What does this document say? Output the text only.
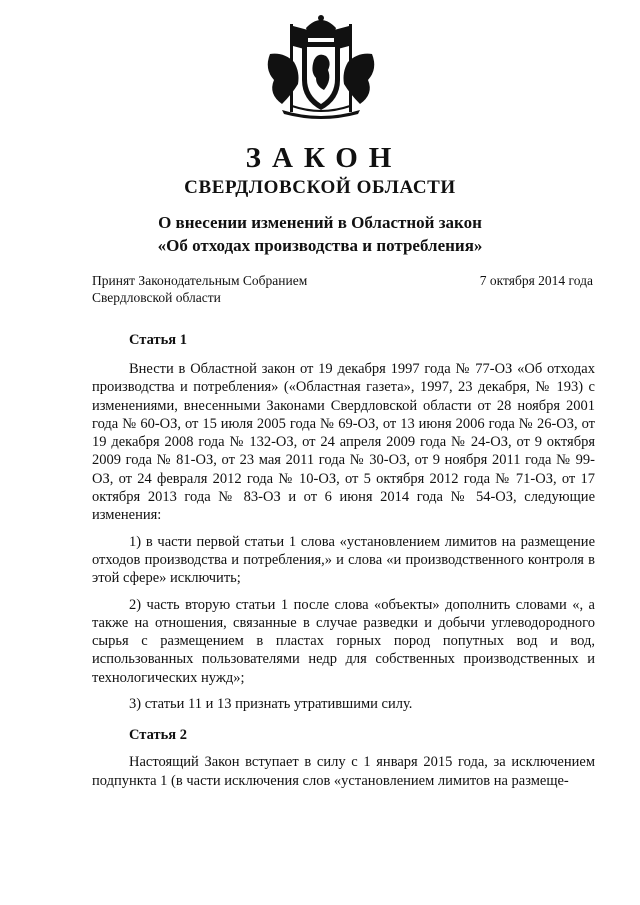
ЗАКОН
СВЕРДЛОВСКОЙ ОБЛАСТИ
О внесении изменений в Областной закон
«Об отходах производства и потребления»
Принят Законодательным Собранием
Свердловской области
7 октября 2014 года
Статья 1

Внести в Областной закон от 19 декабря 1997 года № 77-ОЗ «Об отходах производства и потребления» («Областная газета», 1997, 23 декабря, № 193) с изменениями, внесенными Законами Свердловской области от 28 ноября 2001 года № 60-ОЗ, от 15 июля 2005 года № 69-ОЗ, от 13 июня 2006 года № 26-ОЗ, от 19 декабря 2008 года № 132-ОЗ, от 24 апреля 2009 года № 24-ОЗ, от 9 октября 2009 года № 81-ОЗ, от 23 мая 2011 года № 30-ОЗ, от 9 ноября 2011 года № 99-ОЗ, от 24 февраля 2012 года № 10-ОЗ, от 5 октября 2012 года № 71-ОЗ, от 17 октября 2013 года № 83-ОЗ и от 6 июня 2014 года № 54-ОЗ, следующие изменения:

1) в части первой статьи 1 слова «установлением лимитов на размещение отходов производства и потребления,» и слова «и производственного контроля в этой сфере» исключить;

2) часть вторую статьи 1 после слова «объекты» дополнить словами «, а также на отношения, связанные в случае разведки и добычи углеводородного сырья с размещением в пластах горных пород попутных вод и вод, использованных пользователями недр для собственных производственных и технологических нужд»;

3) статьи 11 и 13 признать утратившими силу.

Статья 2

Настоящий Закон вступает в силу с 1 января 2015 года, за исключением подпункта 1 (в части исключения слов «установлением лимитов на размеще-
